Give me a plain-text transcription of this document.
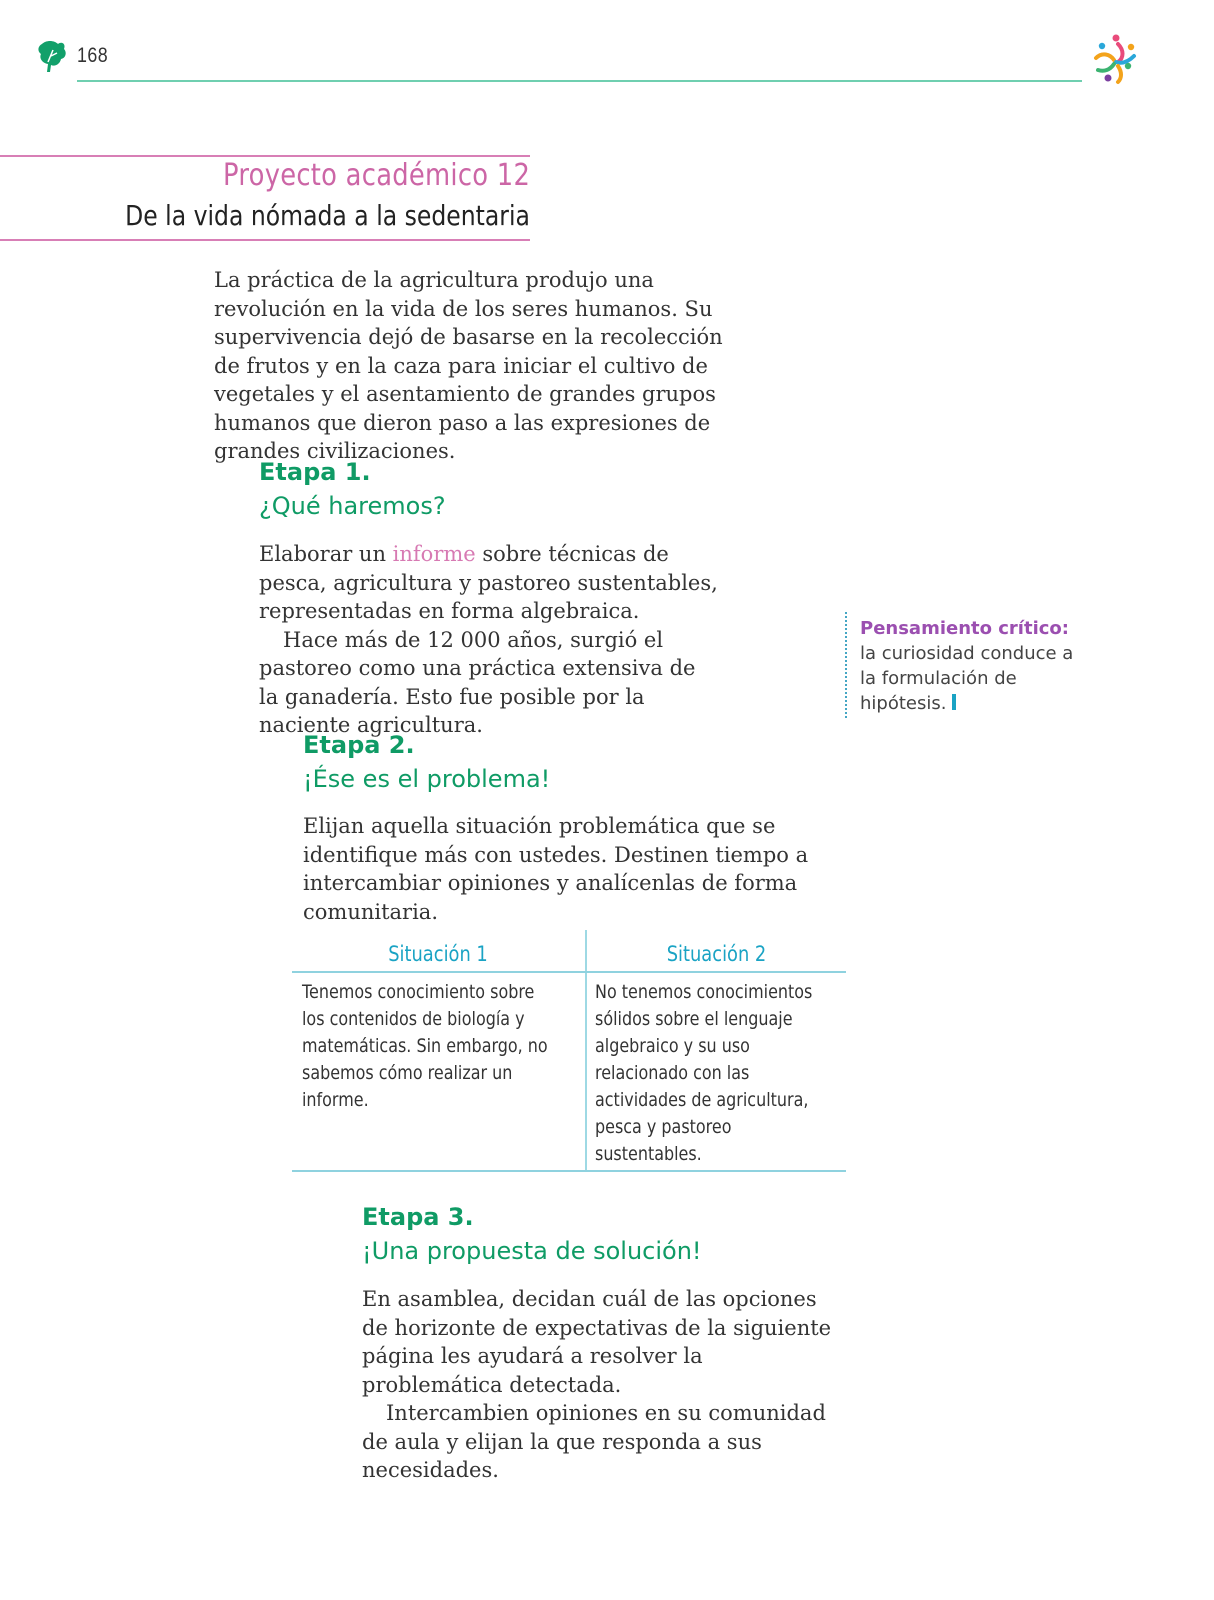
168
Proyecto académico 12
De la vida nómada a la sedentaria

La práctica de la agricultura produjo una revolución en la vida de los seres humanos. Su supervivencia dejó de basarse en la recolección de frutos y en la caza para iniciar el cultivo de vegetales y el asentamiento de grandes grupos humanos que dieron paso a las expresiones de grandes civilizaciones.

Etapa 1.
¿Qué haremos?

Elaborar un informe sobre técnicas de pesca, agricultura y pastoreo sustentables, representadas en forma algebraica.

Hace más de 12 000 años, surgió el pastoreo como una práctica extensiva de la ganadería. Esto fue posible por la naciente agricultura.

Pensamiento crítico:
la curiosidad conduce a la formulación de hipótesis.
Etapa 2.
¡Ése es el problema!

Elijan aquella situación problemática que se identifique más con ustedes. Destinen tiempo a intercambiar opiniones y analícenlas de forma comunitaria.

Situación 1	Situación 2
Tenemos conocimiento sobre los contenidos de biología y matemáticas. Sin embargo, no sabemos cómo realizar un informe.
No tenemos conocimientos sólidos sobre el lenguaje algebraico y su uso relacionado con las actividades de agricultura, pesca y pastoreo sustentables.
Etapa 3.
¡Una propuesta de solución!

En asamblea, decidan cuál de las opciones de horizonte de expectativas de la siguiente página les ayudará a resolver la problemática detectada.

Intercambien opiniones en su comunidad de aula y elijan la que responda a sus necesidades.
